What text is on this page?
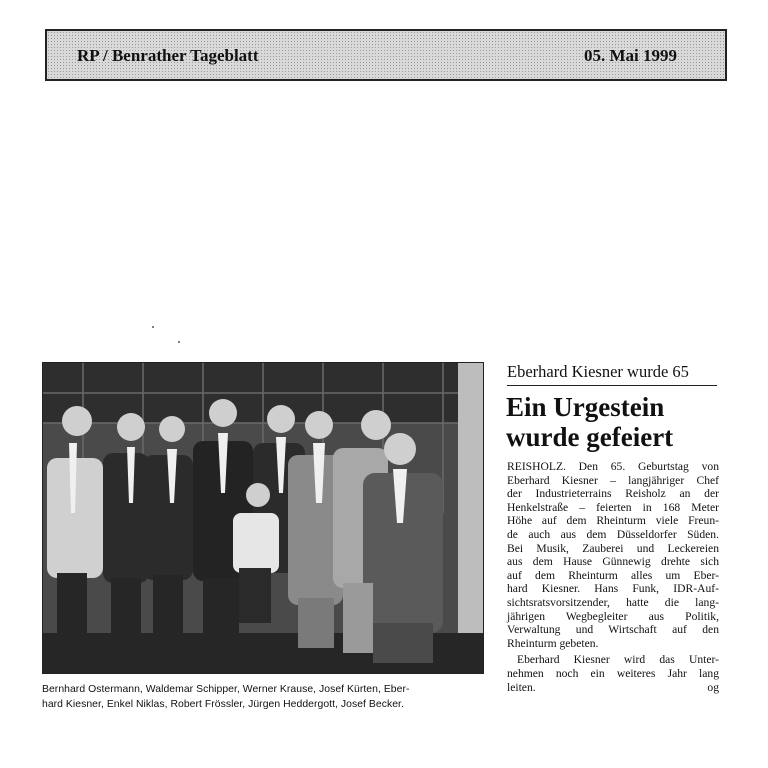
RP / Benrather Tageblatt	05. Mai 1999
Bernhard Ostermann, Waldemar Schipper, Werner Krause, Josef Kürten, Eber-
hard Kiesner, Enkel Niklas, Robert Frössler, Jürgen Heddergott, Josef Becker.
Eberhard Kiesner wurde 65
Ein Urgestein
wurde gefeiert
REISHOLZ. Den 65. Geburtstag von
Eberhard Kiesner – langjähriger Chef
der Industrieterrains Reisholz an der
Henkelstraße – feierten in 168 Meter
Höhe auf dem Rheinturm viele Freun-
de auch aus dem Düsseldorfer Süden.
Bei Musik, Zauberei und Leckereien
aus dem Hause Günnewig drehte sich
auf dem Rheinturm alles um Eber-
hard Kiesner. Hans Funk, IDR-Auf-
sichtsratsvorsitzender, hatte die lang-
jährigen Wegbegleiter aus Politik,
Verwaltung und Wirtschaft auf den
Rheinturm gebeten.
Eberhard Kiesner wird das Unter-
nehmen noch ein weiteres Jahr lang
leiten.	og
